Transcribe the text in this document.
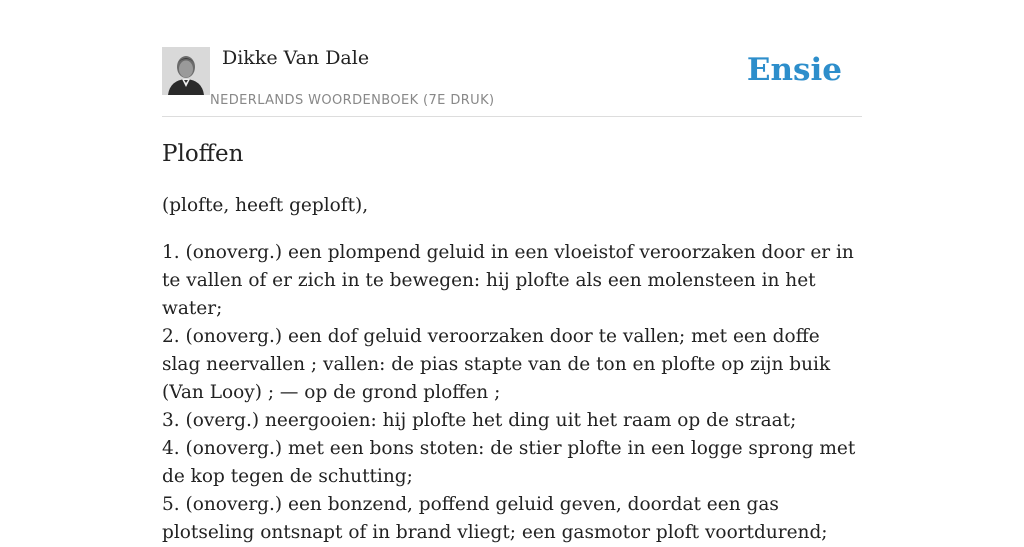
Dikke Van Dale
NEDERLANDS WOORDENBOEK (7E DRUK)
Ensie
Ploffen
(plofte, heeft geploft),
1. (onoverg.) een plompend geluid in een vloeistof veroorzaken door er in te vallen of er zich in te bewegen: hij plofte als een molensteen in het water;
2. (onoverg.) een dof geluid veroorzaken door te vallen; met een doffe slag neervallen ; vallen: de pias stapte van de ton en plofte op zijn buik (Van Looy) ; — op de grond ploffen ;
3. (overg.) neergooien: hij plofte het ding uit het raam op de straat;
4. (onoverg.) met een bons stoten: de stier plofte in een logge sprong met de kop tegen de schutting;
5. (onoverg.) een bonzend, poffend geluid geven, doordat een gas plotseling ontsnapt of in brand vliegt; een gasmotor ploft voortdurend;
